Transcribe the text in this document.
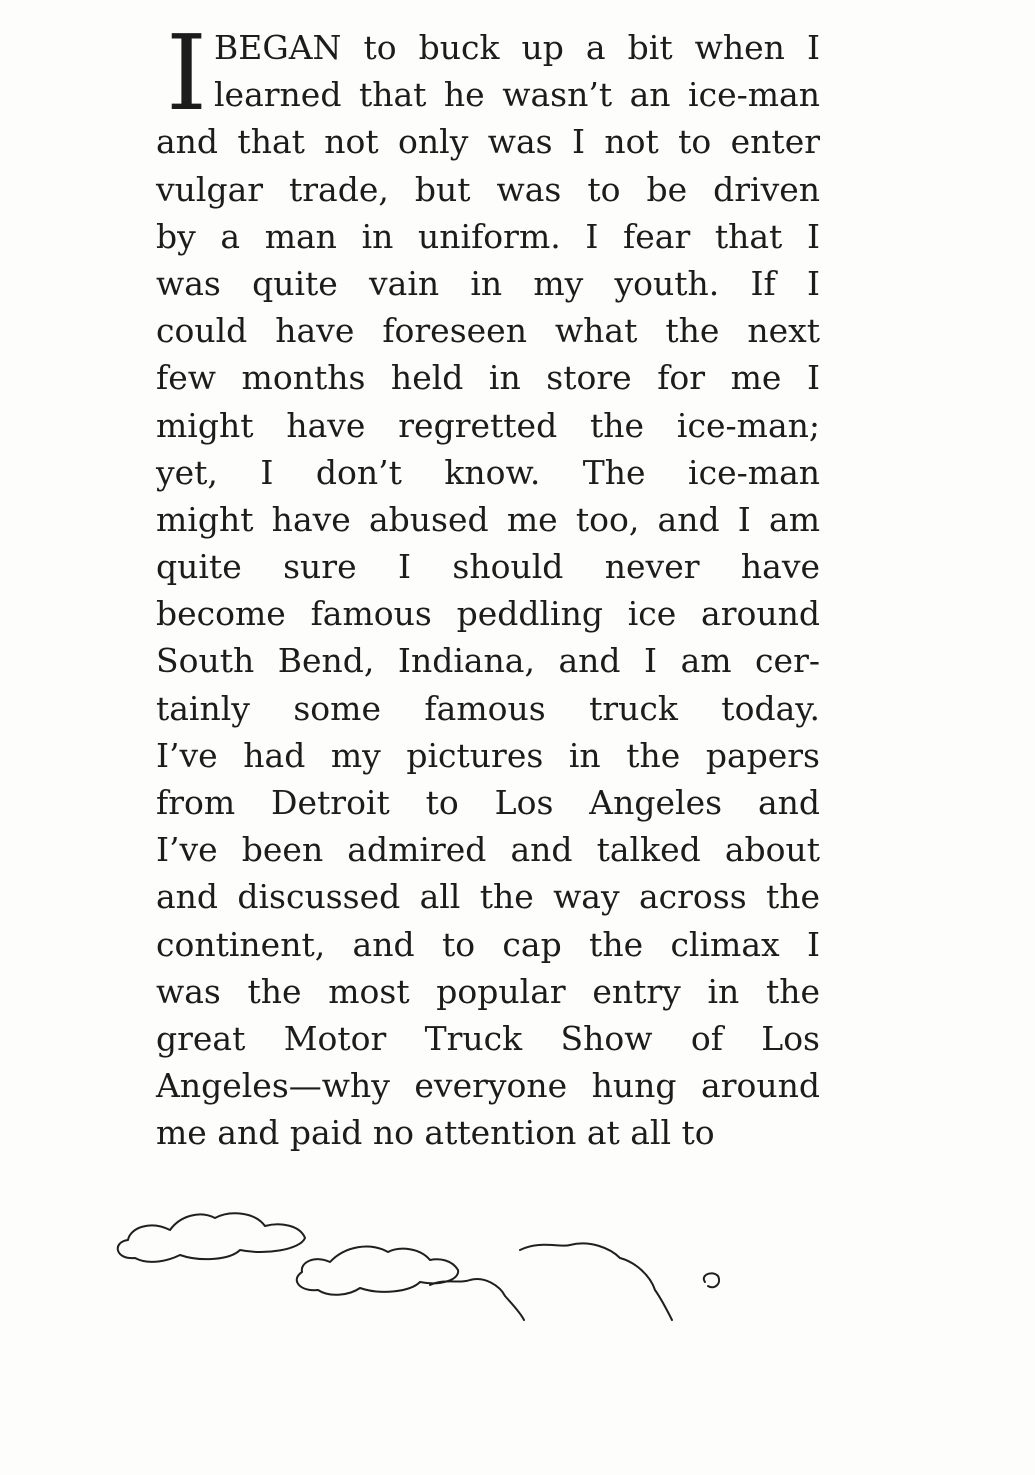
I BEGAN to buck up a bit when I
learned that he wasn’t an ice-man
and that not only was I not to enter
vulgar trade, but was to be driven
by a man in uniform. I fear that I
was quite vain in my youth. If I
could have foreseen what the next
few months held in store for me I
might have regretted the ice-man;
yet, I don’t know. The ice-man
might have abused me too, and I am
quite sure I should never have
become famous peddling ice around
South Bend, Indiana, and I am cer-
tainly some famous truck today.
I’ve had my pictures in the papers
from Detroit to Los Angeles and
I’ve been admired and talked about
and discussed all the way across the
continent, and to cap the climax I
was the most popular entry in the
great Motor Truck Show of Los
Angeles—why everyone hung around
me and paid no attention at all to
